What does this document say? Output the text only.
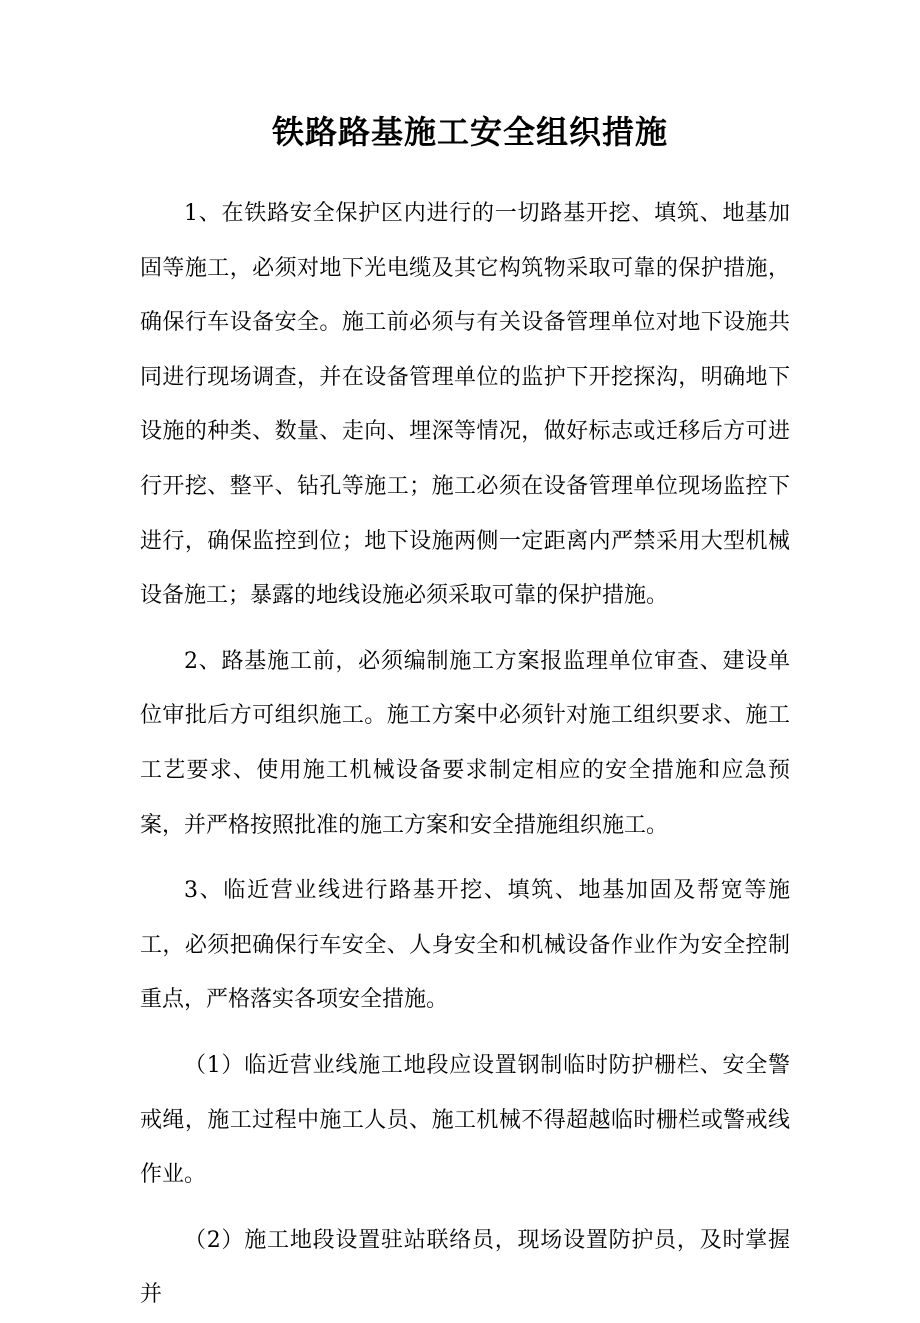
铁路路基施工安全组织措施

1、在铁路安全保护区内进行的一切路基开挖、填筑、地基加固等施工，必须对地下光电缆及其它构筑物采取可靠的保护措施，确保行车设备安全。施工前必须与有关设备管理单位对地下设施共同进行现场调查，并在设备管理单位的监护下开挖探沟，明确地下设施的种类、数量、走向、埋深等情况，做好标志或迁移后方可进行开挖、整平、钻孔等施工；施工必须在设备管理单位现场监控下进行，确保监控到位；地下设施两侧一定距离内严禁采用大型机械设备施工；暴露的地线设施必须采取可靠的保护措施。

2、路基施工前，必须编制施工方案报监理单位审查、建设单位审批后方可组织施工。施工方案中必须针对施工组织要求、施工工艺要求、使用施工机械设备要求制定相应的安全措施和应急预案，并严格按照批准的施工方案和安全措施组织施工。

3、临近营业线进行路基开挖、填筑、地基加固及帮宽等施工，必须把确保行车安全、人身安全和机械设备作业作为安全控制重点，严格落实各项安全措施。

（1）临近营业线施工地段应设置钢制临时防护栅栏、安全警戒绳，施工过程中施工人员、施工机械不得超越临时栅栏或警戒线作业。

（2）施工地段设置驻站联络员，现场设置防护员，及时掌握并
